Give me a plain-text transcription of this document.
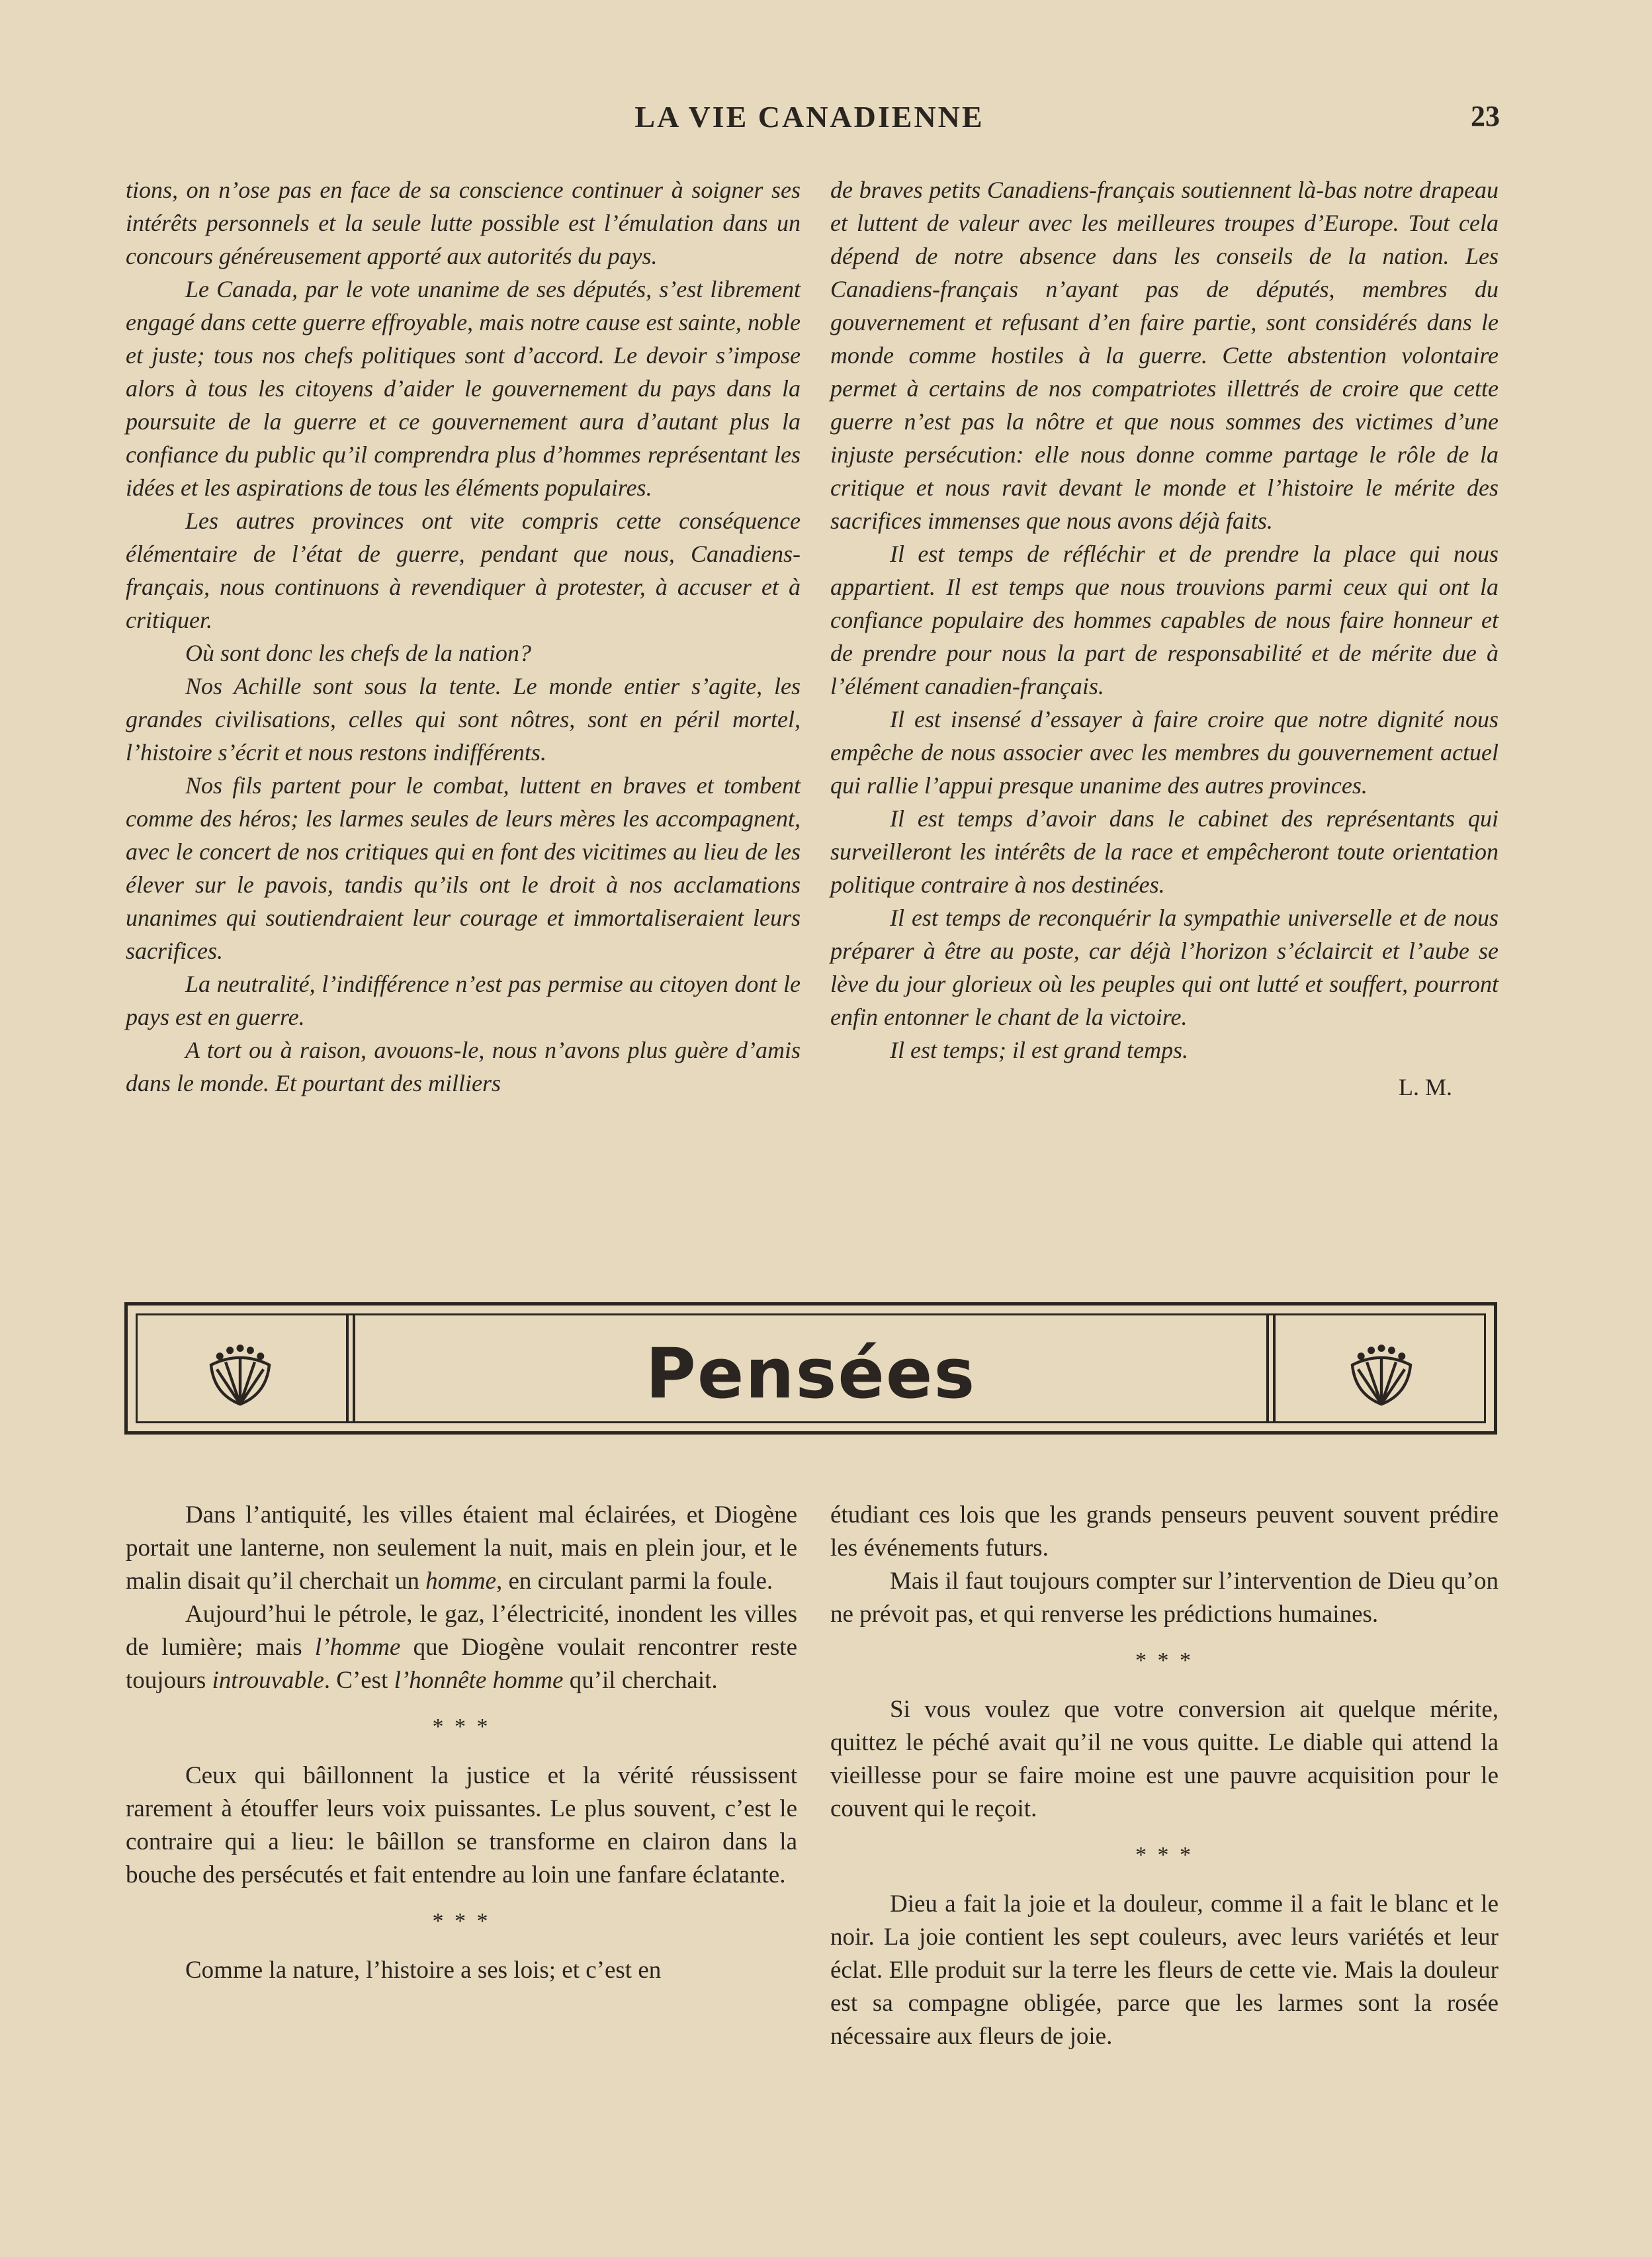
LA VIE CANADIENNE	23

tions, on n’ose pas en face de sa conscience continuer à soigner ses intérêts personnels et la seule lutte possible est l’émulation dans un concours généreusement apporté aux autorités du pays.

Le Canada, par le vote unanime de ses députés, s’est librement engagé dans cette guerre effroyable, mais notre cause est sainte, noble et juste; tous nos chefs politiques sont d’accord. Le devoir s’impose alors à tous les citoyens d’aider le gouvernement du pays dans la poursuite de la guerre et ce gouvernement aura d’autant plus la confiance du public qu’il comprendra plus d’hommes représentant les idées et les aspirations de tous les éléments populaires.

Les autres provinces ont vite compris cette conséquence élémentaire de l’état de guerre, pendant que nous, Canadiens-français, nous continuons à revendiquer à protester, à accuser et à critiquer.

Où sont donc les chefs de la nation?

Nos Achille sont sous la tente. Le monde entier s’agite, les grandes civilisations, celles qui sont nôtres, sont en péril mortel, l’histoire s’écrit et nous restons indifférents.

Nos fils partent pour le combat, luttent en braves et tombent comme des héros; les larmes seules de leurs mères les accompagnent, avec le concert de nos critiques qui en font des vicitimes au lieu de les élever sur le pavois, tandis qu’ils ont le droit à nos acclamations unanimes qui soutiendraient leur courage et immortaliseraient leurs sacrifices.

La neutralité, l’indifférence n’est pas permise au citoyen dont le pays est en guerre.

A tort ou à raison, avouons-le, nous n’avons plus guère d’amis dans le monde. Et pourtant des milliers

de braves petits Canadiens-français soutiennent là-bas notre drapeau et luttent de valeur avec les meilleures troupes d’Europe. Tout cela dépend de notre absence dans les conseils de la nation. Les Canadiens-français n’ayant pas de députés, membres du gouvernement et refusant d’en faire partie, sont considérés dans le monde comme hostiles à la guerre. Cette abstention volontaire permet à certains de nos compatriotes illettrés de croire que cette guerre n’est pas la nôtre et que nous sommes des victimes d’une injuste persécution: elle nous donne comme partage le rôle de la critique et nous ravit devant le monde et l’histoire le mérite des sacrifices immenses que nous avons déjà faits.

Il est temps de réfléchir et de prendre la place qui nous appartient. Il est temps que nous trouvions parmi ceux qui ont la confiance populaire des hommes capables de nous faire honneur et de prendre pour nous la part de responsabilité et de mérite due à l’élément canadien-français.

Il est insensé d’essayer à faire croire que notre dignité nous empêche de nous associer avec les membres du gouvernement actuel qui rallie l’appui presque unanime des autres provinces.

Il est temps d’avoir dans le cabinet des représentants qui surveilleront les intérêts de la race et empêcheront toute orientation politique contraire à nos destinées.

Il est temps de reconquérir la sympathie universelle et de nous préparer à être au poste, car déjà l’horizon s’éclaircit et l’aube se lève du jour glorieux où les peuples qui ont lutté et souffert, pourront enfin entonner le chant de la victoire.

Il est temps; il est grand temps.

L. M.
Pensées

Dans l’antiquité, les villes étaient mal éclairées, et Diogène portait une lanterne, non seulement la nuit, mais en plein jour, et le malin disait qu’il cherchait un homme, en circulant parmi la foule.

Aujourd’hui le pétrole, le gaz, l’électricité, inondent les villes de lumière; mais l’homme que Diogène voulait rencontrer reste toujours introuvable. C’est l’honnête homme qu’il cherchait.

* * *

Ceux qui bâillonnent la justice et la vérité réussissent rarement à étouffer leurs voix puissantes. Le plus souvent, c’est le contraire qui a lieu: le bâillon se transforme en clairon dans la bouche des persécutés et fait entendre au loin une fanfare éclatante.

* * *

Comme la nature, l’histoire a ses lois; et c’est en

étudiant ces lois que les grands penseurs peuvent souvent prédire les événements futurs.

Mais il faut toujours compter sur l’intervention de Dieu qu’on ne prévoit pas, et qui renverse les prédictions humaines.

* * *

Si vous voulez que votre conversion ait quelque mérite, quittez le péché avait qu’il ne vous quitte. Le diable qui attend la vieillesse pour se faire moine est une pauvre acquisition pour le couvent qui le reçoit.

* * *

Dieu a fait la joie et la douleur, comme il a fait le blanc et le noir. La joie contient les sept couleurs, avec leurs variétés et leur éclat. Elle produit sur la terre les fleurs de cette vie. Mais la douleur est sa compagne obligée, parce que les larmes sont la rosée nécessaire aux fleurs de joie.
